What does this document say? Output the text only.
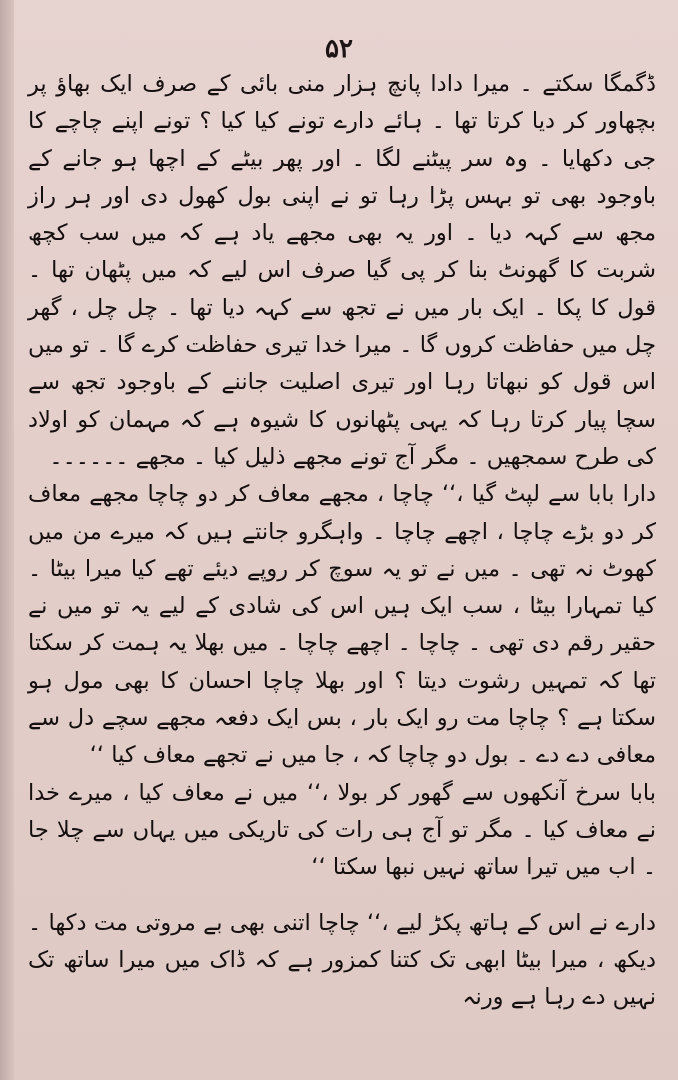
۵۲

ڈگمگا سکتے ۔ میرا دادا پانچ ہزار منی بائی کے صرف ایک بھاؤ پر بچھاور کر دیا کرتا تھا ۔ ہائے دارے تونے کیا کیا ؟ تونے اپنے چاچے کا جی دکھایا ۔ وہ سر پیٹنے لگا ۔ اور پھر بیٹے کے اچھا ہو جانے کے باوجود بھی تو بہس پڑا رہا تو نے اپنی بول کھول دی اور ہر راز مجھ سے کہہ دیا ۔ اور یہ بھی مجھے یاد ہے کہ میں سب کچھ شربت کا گھونٹ بنا کر پی گیا صرف اس لیے کہ میں پٹھان تھا ۔ قول کا پکا ۔ ایک بار میں نے تجھ سے کہہ دیا تھا ۔ چل چل ، گھر چل میں حفاظت کروں گا ۔ میرا خدا تیری حفاظت کرے گا ۔ تو میں اس قول کو نبھاتا رہا اور تیری اصلیت جاننے کے باوجود تجھ سے سچا پیار کرتا رہا کہ یہی پٹھانوں کا شیوہ ہے کہ مہمان کو اولاد کی طرح سمجھیں ۔ مگر آج تونے مجھے ذلیل کیا ۔ مجھے ۔۔۔۔۔۔

دارا بابا سے لپٹ گیا ،‘‘ چاچا ، مجھے معاف کر دو چاچا مجھے معاف کر دو بڑے چاچا ، اچھے چاچا ۔ واہگرو جانتے ہیں کہ میرے من میں کھوٹ نہ تھی ۔ میں نے تو یہ سوچ کر روپے دیئے تھے کیا میرا بیٹا ۔ کیا تمہارا بیٹا ، سب ایک ہیں اس کی شادی کے لیے یہ تو میں نے حقیر رقم دی تھی ۔ چاچا ۔ اچھے چاچا ۔ میں بھلا یہ ہمت کر سکتا تھا کہ تمہیں رشوت دیتا ؟ اور بھلا چاچا احسان کا بھی مول ہو سکتا ہے ؟ چاچا مت رو ایک بار ، بس ایک دفعہ مجھے سچے دل سے معافی دے دے ۔ بول دو چاچا کہ ، جا میں نے تجھے معاف کیا ‘‘

بابا سرخ آنکھوں سے گھور کر بولا ،‘‘ میں نے معاف کیا ، میرے خدا نے معاف کیا ۔ مگر تو آج ہی رات کی تاریکی میں یہاں سے چلا جا ۔ اب میں تیرا ساتھ نہیں نبھا سکتا ‘‘

دارے نے اس کے ہاتھ پکڑ لیے ،‘‘ چاچا اتنی بھی بے مروتی مت دکھا ۔ دیکھ ، میرا بیٹا ابھی تک کتنا کمزور ہے کہ ڈاک میں میرا ساتھ تک نہیں دے رہا ہے ورنہ
